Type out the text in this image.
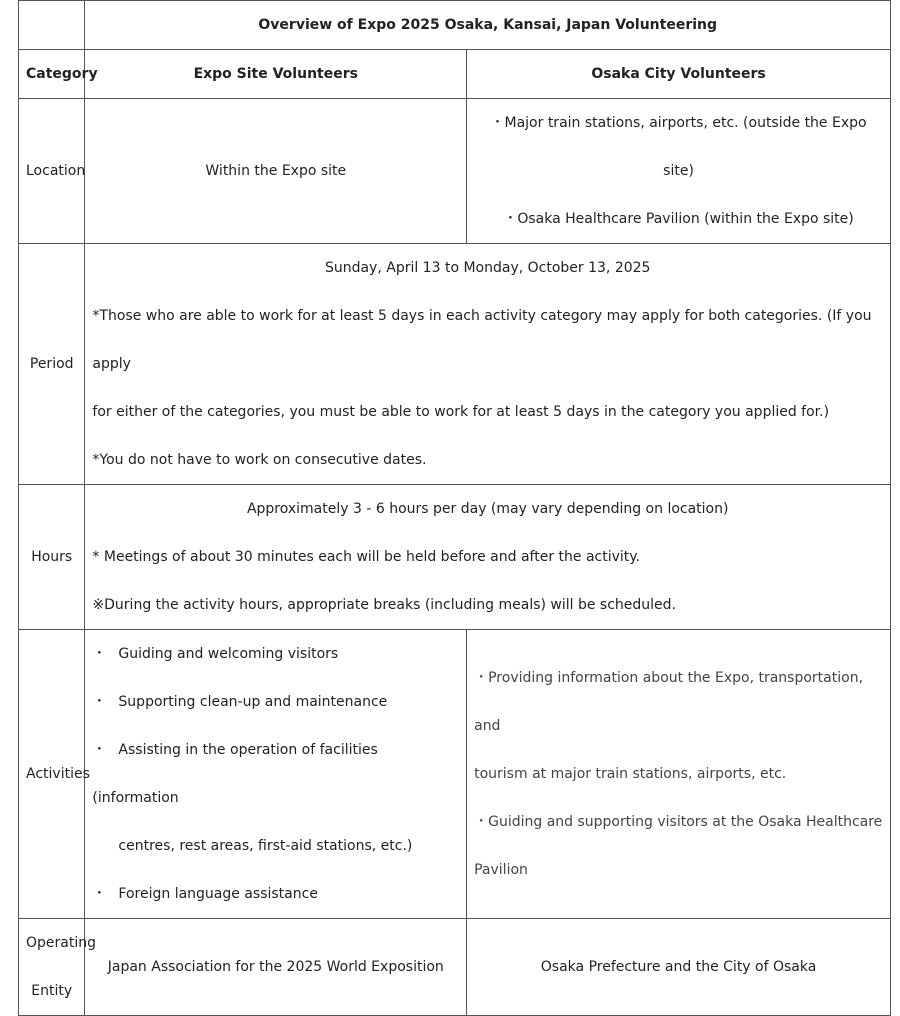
	Overview of Expo 2025 Osaka, Kansai, Japan Volunteering	
Category	Expo Site Volunteers	Osaka City Volunteers
Location	Within the Expo site	・Major train stations, airports, etc. (outside the Expo site)
・Osaka Healthcare Pavilion (within the Expo site)

Period	Sunday, April 13 to Monday, October 13, 2025
*Those who are able to work for at least 5 days in each activity category may apply for both categories. (If you apply
for either of the categories, you must be able to work for at least 5 days in the category you applied for.)
*You do not have to work on consecutive dates.	

Hours	Approximately 3 - 6 hours per day (may vary depending on location)
* Meetings of about 30 minutes each will be held before and after the activity.
※During the activity hours, appropriate breaks (including meals) will be scheduled.	

Activities	・ Guiding and welcoming visitors
・ Supporting clean-up and maintenance
・ Assisting in the operation of facilities (information
centres, rest areas, first-aid stations, etc.)
・ Foreign language assistance	・Providing information about the Expo, transportation, and
tourism at major train stations, airports, etc.
・Guiding and supporting visitors at the Osaka Healthcare
Pavilion

Operating
Entity	Japan Association for the 2025 World Exposition	Osaka Prefecture and the City of Osaka
